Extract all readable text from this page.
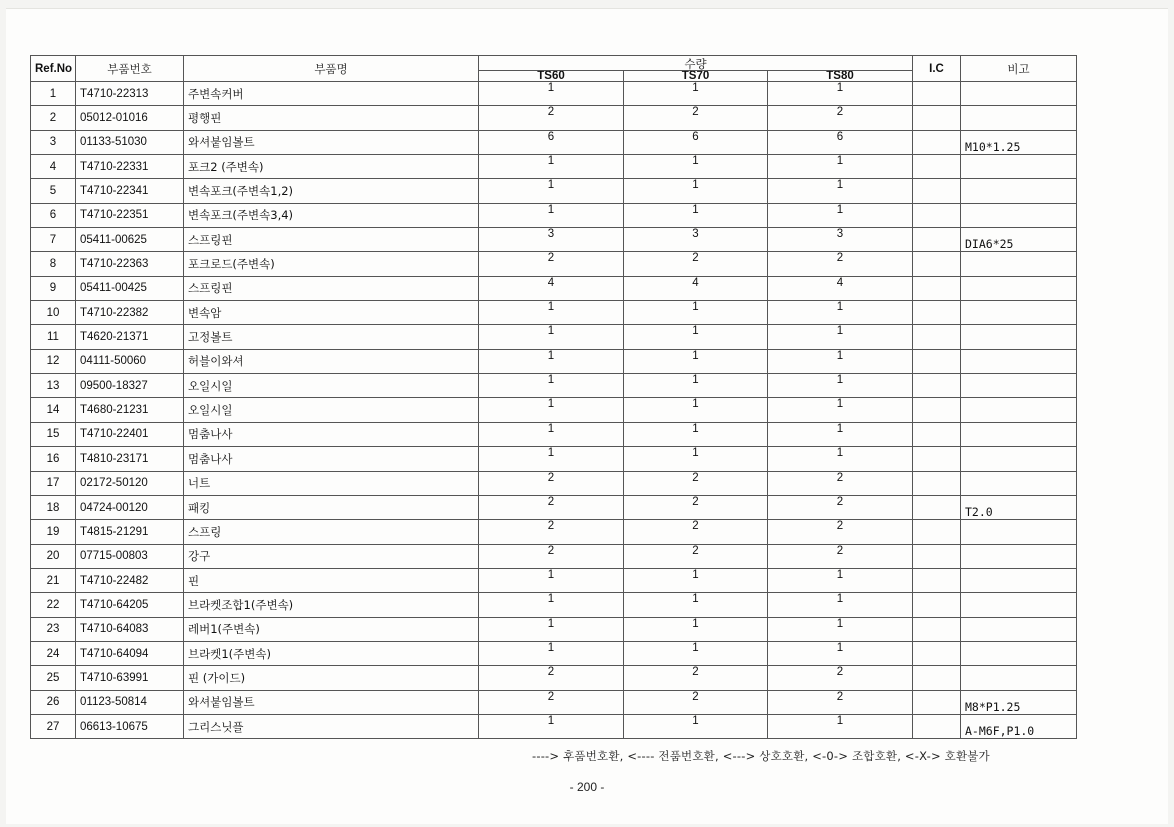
Ref.No	부품번호	부품명	수량			I.C	비고
			TS60	TS70	TS80		
1	T4710-22313	주변속커버	1	1	1		
2	05012-01016	평행핀	2	2	2		
3	01133-51030	와셔붙임볼트	6	6	6		M10*1.25
4	T4710-22331	포크2 (주변속)	1	1	1		
5	T4710-22341	변속포크(주변속1,2)	1	1	1		
6	T4710-22351	변속포크(주변속3,4)	1	1	1		
7	05411-00625	스프링핀	3	3	3		DIA6*25
8	T4710-22363	포크로드(주변속)	2	2	2		
9	05411-00425	스프링핀	4	4	4		
10	T4710-22382	변속암	1	1	1		
11	T4620-21371	고정볼트	1	1	1		
12	04111-50060	허블이와셔	1	1	1		
13	09500-18327	오일시일	1	1	1		
14	T4680-21231	오일시일	1	1	1		
15	T4710-22401	멈춤나사	1	1	1		
16	T4810-23171	멈춤나사	1	1	1		
17	02172-50120	너트	2	2	2		
18	04724-00120	패킹	2	2	2		T2.0
19	T4815-21291	스프링	2	2	2		
20	07715-00803	강구	2	2	2		
21	T4710-22482	핀	1	1	1		
22	T4710-64205	브라켓조합1(주변속)	1	1	1		
23	T4710-64083	레버1(주변속)	1	1	1		
24	T4710-64094	브라켓1(주변속)	1	1	1		
25	T4710-63991	핀 (가이드)	2	2	2		
26	01123-50814	와셔붙임볼트	2	2	2		M8*P1.25
27	06613-10675	그리스닛플	1	1	1		A-M6F,P1.0
----> 후품번호환, <---- 전품번호환, <---> 상호호환, <-0-> 조합호환, <-X-> 호환불가
- 200 -
